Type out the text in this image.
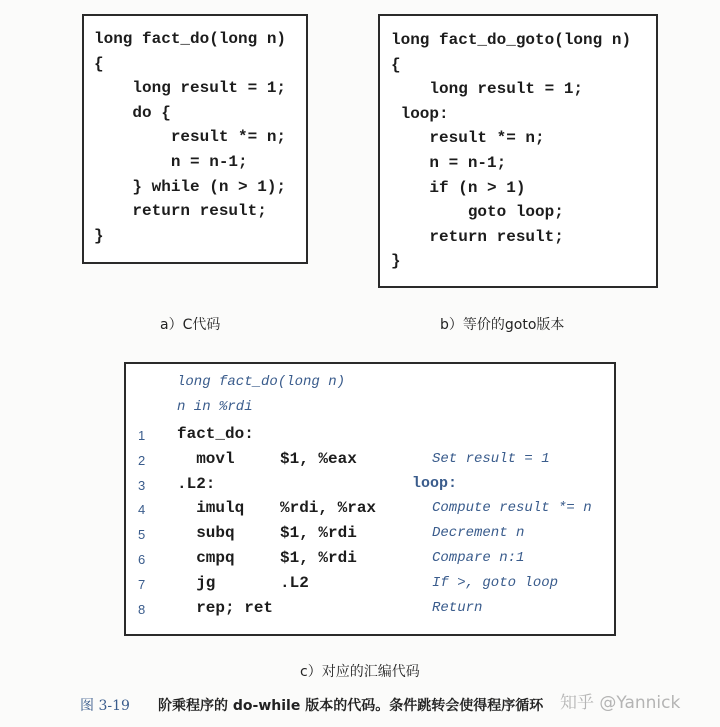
long fact_do(long n)
{
long result = 1;
do {
result *= n;
n = n-1;
} while (n > 1);
return result;
}
long fact_do_goto(long n)
{
long result = 1;
loop:
result *= n;
n = n-1;
if (n > 1)
goto loop;
return result;
}
a）C代码	b）等价的goto版本
long fact_do(long n)
n in %rdi
1 fact_do:
2 movl	$1, %eax	Set result = 1
3 .L2:	loop:
4 imulq %rdi, %rax	Compute result *= n
5 subq	$1, %rdi	Decrement n
6 cmpq	$1, %rdi	Compare n:1
7 jg	.L2	If >, goto loop
8 rep; ret	Return
c）对应的汇编代码
图 3-19 阶乘程序的 do-while 版本的代码。条件跳转会使得程序循环 知乎 @Yannick
